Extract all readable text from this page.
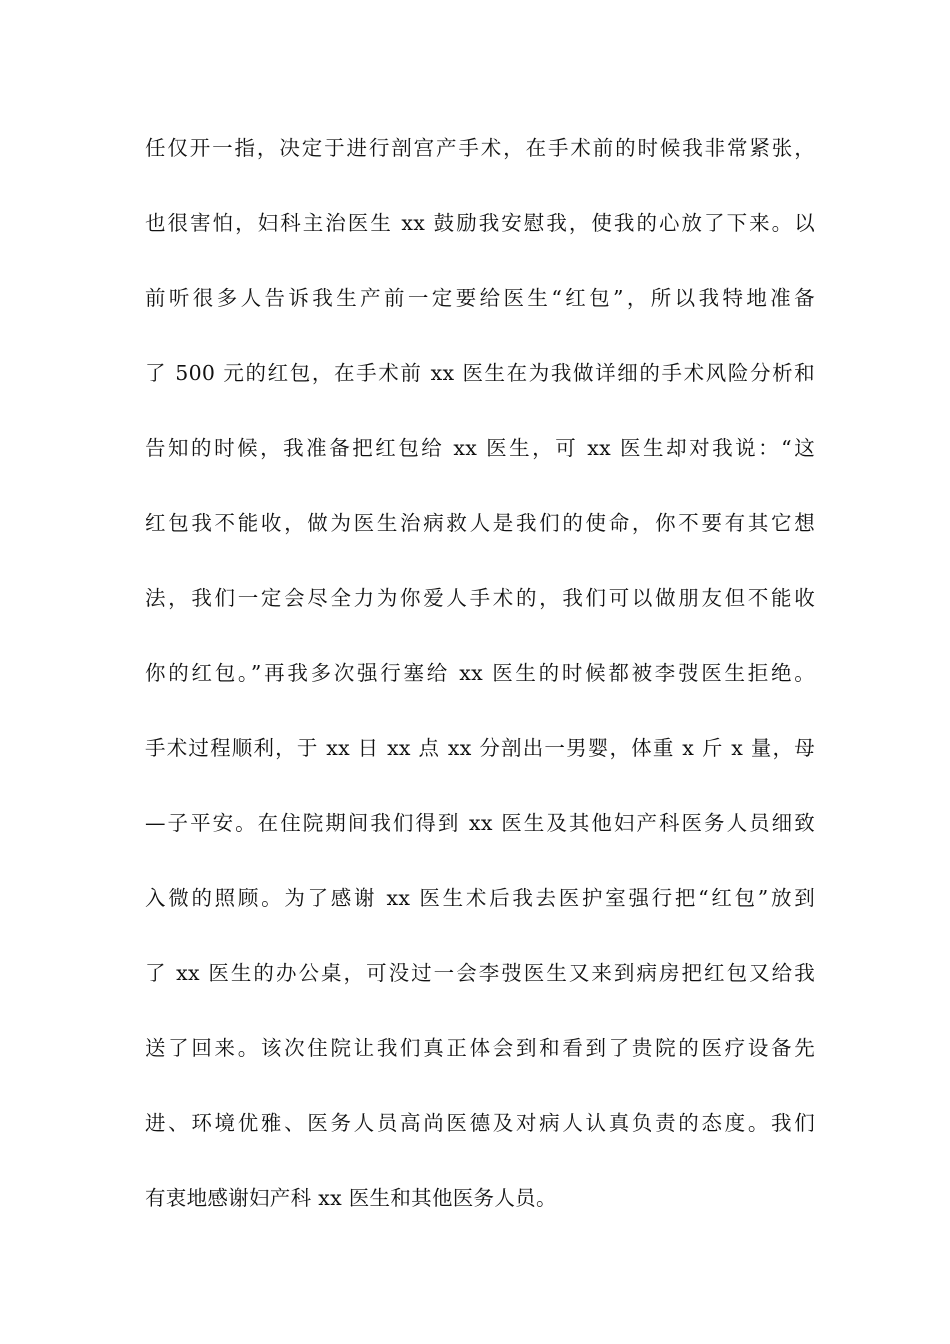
任仅开一指，决定于进行剖宫产手术，在手术前的时候我非常紧张，
也很害怕，妇科主治医生 xx 鼓励我安慰我，使我的心放了下来。以
前听很多人告诉我生产前一定要给医生“红包”，所以我特地准备
了 500 元的红包，在手术前 xx 医生在为我做详细的手术风险分析和
告知的时候，我准备把红包给 xx 医生，可 xx 医生却对我说：“这
红包我不能收，做为医生治病救人是我们的使命，你不要有其它想
法，我们一定会尽全力为你爱人手术的，我们可以做朋友但不能收
你的红包。”再我多次强行塞给 xx 医生的时候都被李弢医生拒绝。
手术过程顺利，于 xx 日 xx 点 xx 分剖出一男婴，体重 x 斤 x 量，母
—子平安。在住院期间我们得到 xx 医生及其他妇产科医务人员细致
入微的照顾。为了感谢 xx 医生术后我去医护室强行把“红包”放到
了 xx 医生的办公桌，可没过一会李弢医生又来到病房把红包又给我
送了回来。该次住院让我们真正体会到和看到了贵院的医疗设备先
进、环境优雅、医务人员高尚医德及对病人认真负责的态度。我们
有衷地感谢妇产科 xx 医生和其他医务人员。
